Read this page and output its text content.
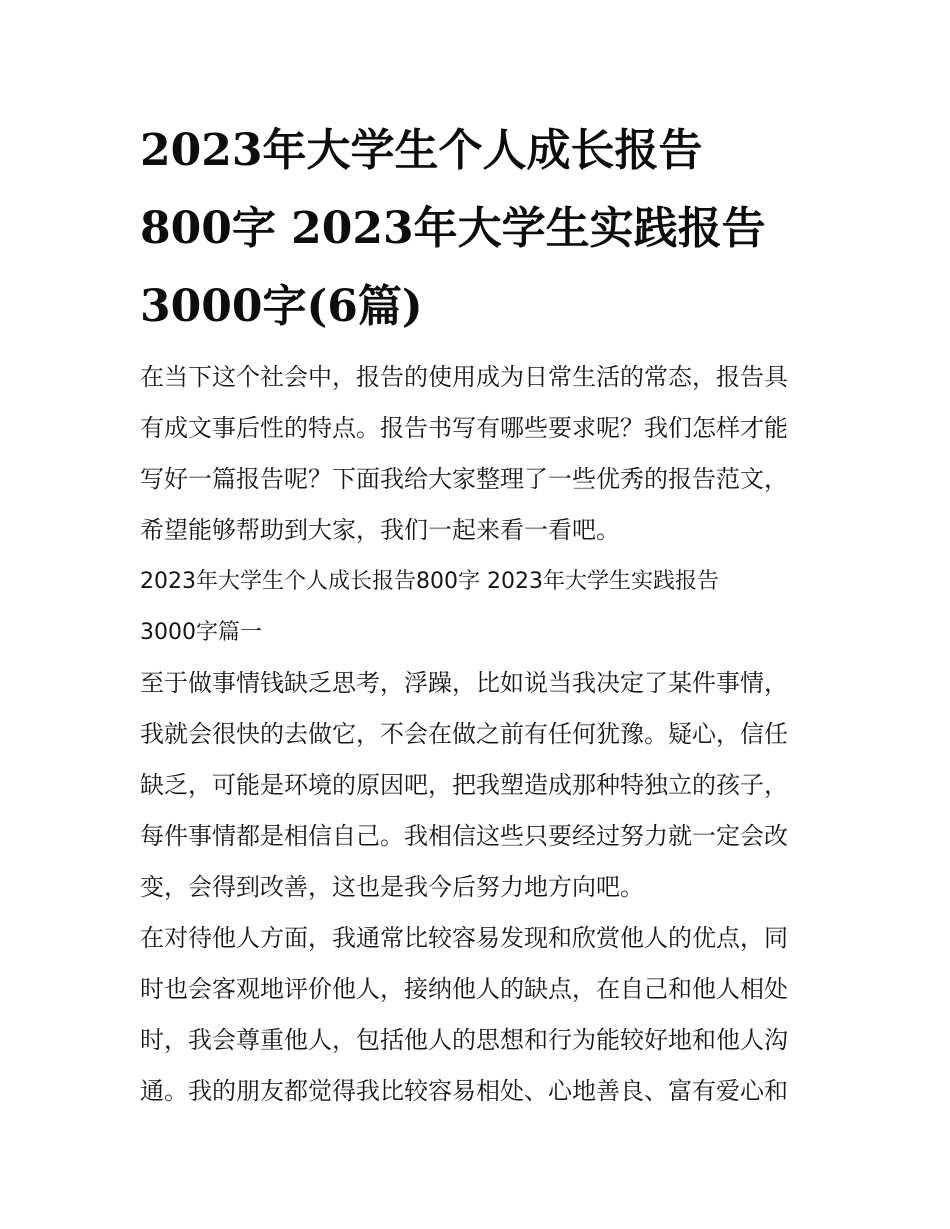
2023年大学生个人成长报告
800字 2023年大学生实践报告
3000字(6篇)
在当下这个社会中，报告的使用成为日常生活的常态，报告具
有成文事后性的特点。报告书写有哪些要求呢？我们怎样才能
写好一篇报告呢？下面我给大家整理了一些优秀的报告范文，
希望能够帮助到大家，我们一起来看一看吧。
2023年大学生个人成长报告800字 2023年大学生实践报告
3000字篇一
至于做事情钱缺乏思考，浮躁，比如说当我决定了某件事情，
我就会很快的去做它，不会在做之前有任何犹豫。疑心，信任
缺乏，可能是环境的原因吧，把我塑造成那种特独立的孩子，
每件事情都是相信自己。我相信这些只要经过努力就一定会改
变，会得到改善，这也是我今后努力地方向吧。
在对待他人方面，我通常比较容易发现和欣赏他人的优点，同
时也会客观地评价他人，接纳他人的缺点，在自己和他人相处
时，我会尊重他人，包括他人的思想和行为能较好地和他人沟
通。我的朋友都觉得我比较容易相处、心地善良、富有爱心和
